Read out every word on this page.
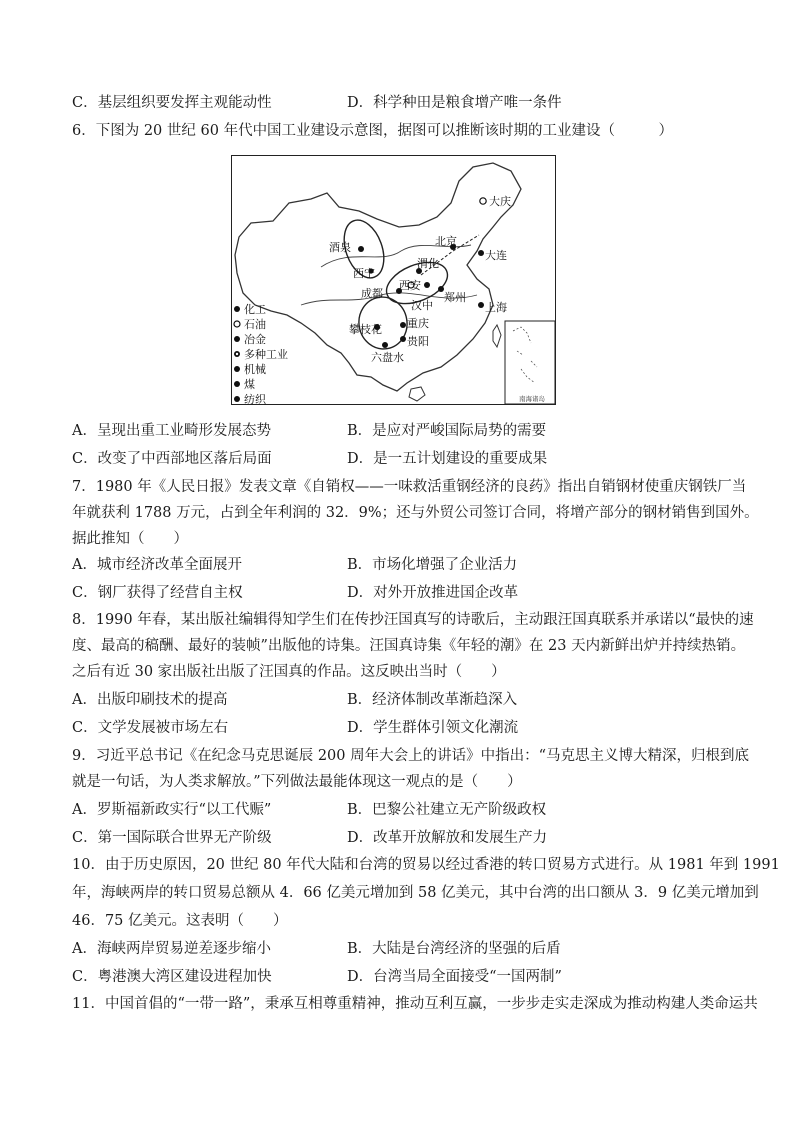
C．基层组织要发挥主观能动性	D．科学种田是粮食增产唯一条件
6．下图为 20 世纪 60 年代中国工业建设示意图，据图可以推断该时期的工业建设（　　　）
大庆
北京
大连
酒泉
西宁
渭化
西安
成都	郑州
汉中	上海
攀枝花 重庆
贵阳
六盘水
化工
石油
冶金
多种工业
机械
煤
纺织	南海诸岛
A．呈现出重工业畸形发展态势	B．是应对严峻国际局势的需要
C．改变了中西部地区落后局面	D．是一五计划建设的重要成果
7．1980 年《人民日报》发表文章《自销权——一味救活重钢经济的良药》指出自销钢材使重庆钢铁厂当
年就获利 1788 万元，占到全年利润的 32．9%；还与外贸公司签订合同，将增产部分的钢材销售到国外。
据此推知（　　）
A．城市经济改革全面展开	B．市场化增强了企业活力
C．钢厂获得了经营自主权	D．对外开放推进国企改革
8．1990 年春，某出版社编辑得知学生们在传抄汪国真写的诗歌后，主动跟汪国真联系并承诺以“最快的速
度、最高的稿酬、最好的装帧”出版他的诗集。汪国真诗集《年轻的潮》在 23 天内新鲜出炉并持续热销。
之后有近 30 家出版社出版了汪国真的作品。这反映出当时（　　）
A．出版印刷技术的提高	B．经济体制改革渐趋深入
C．文学发展被市场左右	D．学生群体引领文化潮流
9．习近平总书记《在纪念马克思诞辰 200 周年大会上的讲话》中指出：“马克思主义博大精深，归根到底
就是一句话，为人类求解放。”下列做法最能体现这一观点的是（　　）
A．罗斯福新政实行“以工代赈”	B．巴黎公社建立无产阶级政权
C．第一国际联合世界无产阶级	D．改革开放解放和发展生产力
10．由于历史原因，20 世纪 80 年代大陆和台湾的贸易以经过香港的转口贸易方式进行。从 1981 年到 1991
年，海峡两岸的转口贸易总额从 4．66 亿美元增加到 58 亿美元，其中台湾的出口额从 3．9 亿美元增加到
46．75 亿美元。这表明（　　）
A．海峡两岸贸易逆差逐步缩小	B．大陆是台湾经济的坚强的后盾
C．粤港澳大湾区建设进程加快	D．台湾当局全面接受“一国两制”
11．中国首倡的“一带一路”，秉承互相尊重精神，推动互利互赢，一步步走实走深成为推动构建人类命运共
